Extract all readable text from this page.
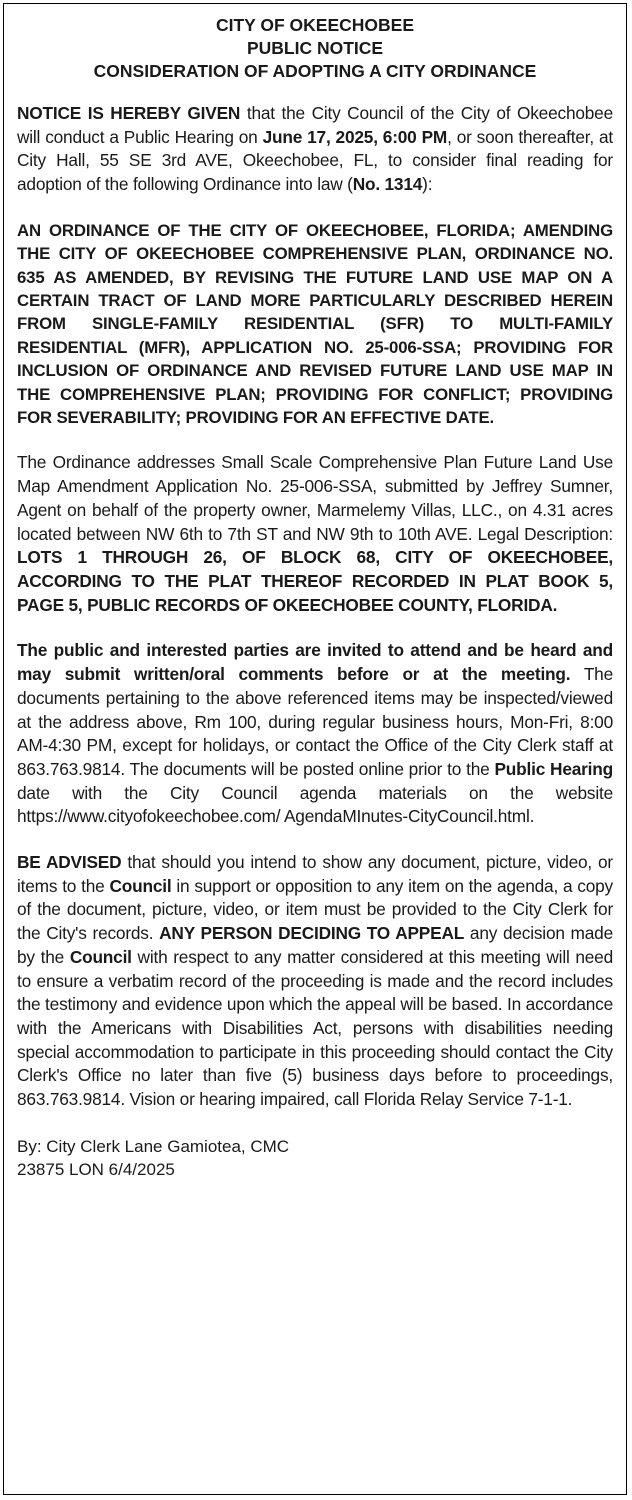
CITY OF OKEECHOBEE
PUBLIC NOTICE
CONSIDERATION OF ADOPTING A CITY ORDINANCE

NOTICE IS HEREBY GIVEN that the City Council of the City of Okeechobee will conduct a Public Hearing on June 17, 2025, 6:00 PM, or soon thereafter, at City Hall, 55 SE 3rd AVE, Okeechobee, FL, to consider final reading for adoption of the following Ordinance into law (No. 1314):

AN ORDINANCE OF THE CITY OF OKEECHOBEE, FLORIDA; AMENDING THE CITY OF OKEECHOBEE COMPREHENSIVE PLAN, ORDINANCE NO. 635 AS AMENDED, BY REVISING THE FUTURE LAND USE MAP ON A CERTAIN TRACT OF LAND MORE PARTICULARLY DESCRIBED HEREIN FROM SINGLE-FAMILY RESIDENTIAL (SFR) TO MULTI-FAMILY RESIDENTIAL (MFR), APPLICATION NO. 25-006-SSA; PROVIDING FOR INCLUSION OF ORDINANCE AND REVISED FUTURE LAND USE MAP IN THE COMPREHENSIVE PLAN; PROVIDING FOR CONFLICT; PROVIDING FOR SEVERABILITY; PROVIDING FOR AN EFFECTIVE DATE.

The Ordinance addresses Small Scale Comprehensive Plan Future Land Use Map Amendment Application No. 25-006-SSA, submitted by Jeffrey Sumner, Agent on behalf of the property owner, Marmelemy Villas, LLC., on 4.31 acres located between NW 6th to 7th ST and NW 9th to 10th AVE. Legal Description: LOTS 1 THROUGH 26, OF BLOCK 68, CITY OF OKEECHOBEE, ACCORDING TO THE PLAT THEREOF RECORDED IN PLAT BOOK 5, PAGE 5, PUBLIC RECORDS OF OKEECHOBEE COUNTY, FLORIDA.

The public and interested parties are invited to attend and be heard and may submit written/oral comments before or at the meeting. The documents pertaining to the above referenced items may be inspected/viewed at the address above, Rm 100, during regular business hours, Mon-Fri, 8:00 AM-4:30 PM, except for holidays, or contact the Office of the City Clerk staff at 863.763.9814. The documents will be posted online prior to the Public Hearing date with the City Council agenda materials on the website https://www.cityofokeechobee.com/ AgendaMInutes-CityCouncil.html.

BE ADVISED that should you intend to show any document, picture, video, or items to the Council in support or opposition to any item on the agenda, a copy of the document, picture, video, or item must be provided to the City Clerk for the City's records. ANY PERSON DECIDING TO APPEAL any decision made by the Council with respect to any matter considered at this meeting will need to ensure a verbatim record of the proceeding is made and the record includes the testimony and evidence upon which the appeal will be based. In accordance with the Americans with Disabilities Act, persons with disabilities needing special accommodation to participate in this proceeding should contact the City Clerk's Office no later than five (5) business days before to proceedings, 863.763.9814. Vision or hearing impaired, call Florida Relay Service 7-1-1.

By: City Clerk Lane Gamiotea, CMC
23875 LON 6/4/2025
